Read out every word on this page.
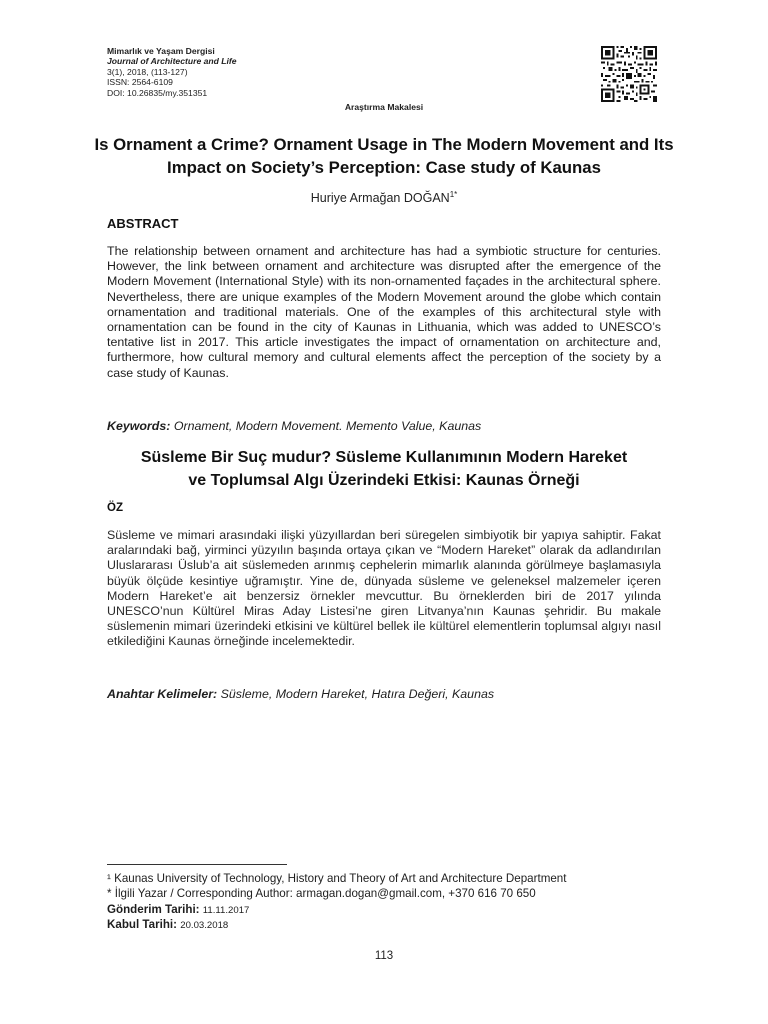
Mimarlık ve Yaşam Dergisi
Journal of Architecture and Life
3(1), 2018, (113-127)
ISSN: 2564-6109
DOI: 10.26835/my.351351
Araştırma Makalesi
Is Ornament a Crime? Ornament Usage in The Modern Movement and Its Impact on Society’s Perception: Case study of Kaunas
Huriye Armağan $DOĞAN^{1*}$
ABSTRACT
The relationship between ornament and architecture has had a symbiotic structure for centuries. However, the link between ornament and architecture was disrupted after the emergence of the Modern Movement (International Style) with its non-ornamented façades in the architectural sphere. Nevertheless, there are unique examples of the Modern Movement around the globe which contain ornamentation and traditional materials. One of the examples of this architectural style with ornamentation can be found in the city of Kaunas in Lithuania, which was added to UNESCO’s tentative list in 2017. This article investigates the impact of ornamentation on architecture and, furthermore, how cultural memory and cultural elements affect the perception of the society by a case study of Kaunas.
Keywords: Ornament, Modern Movement. Memento Value, Kaunas
Süsleme Bir Suç mudur? Süsleme Kullanımının Modern Hareket
ve Toplumsal Algı Üzerindeki Etkisi: Kaunas Örneği
ÖZ
Süsleme ve mimari arasındaki ilişki yüzyıllardan beri süregelen simbiyotik bir yapıya sahiptir. Fakat aralarındaki bağ, yirminci yüzyılın başında ortaya çıkan ve “Modern Hareket” olarak da adlandırılan Uluslararası Üslub’a ait süslemeden arınmış cephelerin mimarlık alanında görülmeye başlamasıyla büyük ölçüde kesintiye uğramıştır. Yine de, dünyada süsleme ve geleneksel malzemeler içeren Modern Hareket’e ait benzersiz örnekler mevcuttur. Bu örneklerden biri de 2017 yılında UNESCO’nun Kültürel Miras Aday Listesi’ne giren Litvanya’nın Kaunas şehridir. Bu makale süslemenin mimari üzerindeki etkisini ve kültürel bellek ile kültürel elementlerin toplumsal algıyı nasıl etkilediğini Kaunas örneğinde incelemektedir.
Anahtar Kelimeler: Süsleme, Modern Hareket, Hatıra Değeri, Kaunas
¹ Kaunas University of Technology, History and Theory of Art and Architecture Department
* İlgili Yazar / Corresponding Author: armagan.dogan@gmail.com, +370 616 70 650
Gönderim Tarihi: 11.11.2017
Kabul Tarihi: 20.03.2018
113
